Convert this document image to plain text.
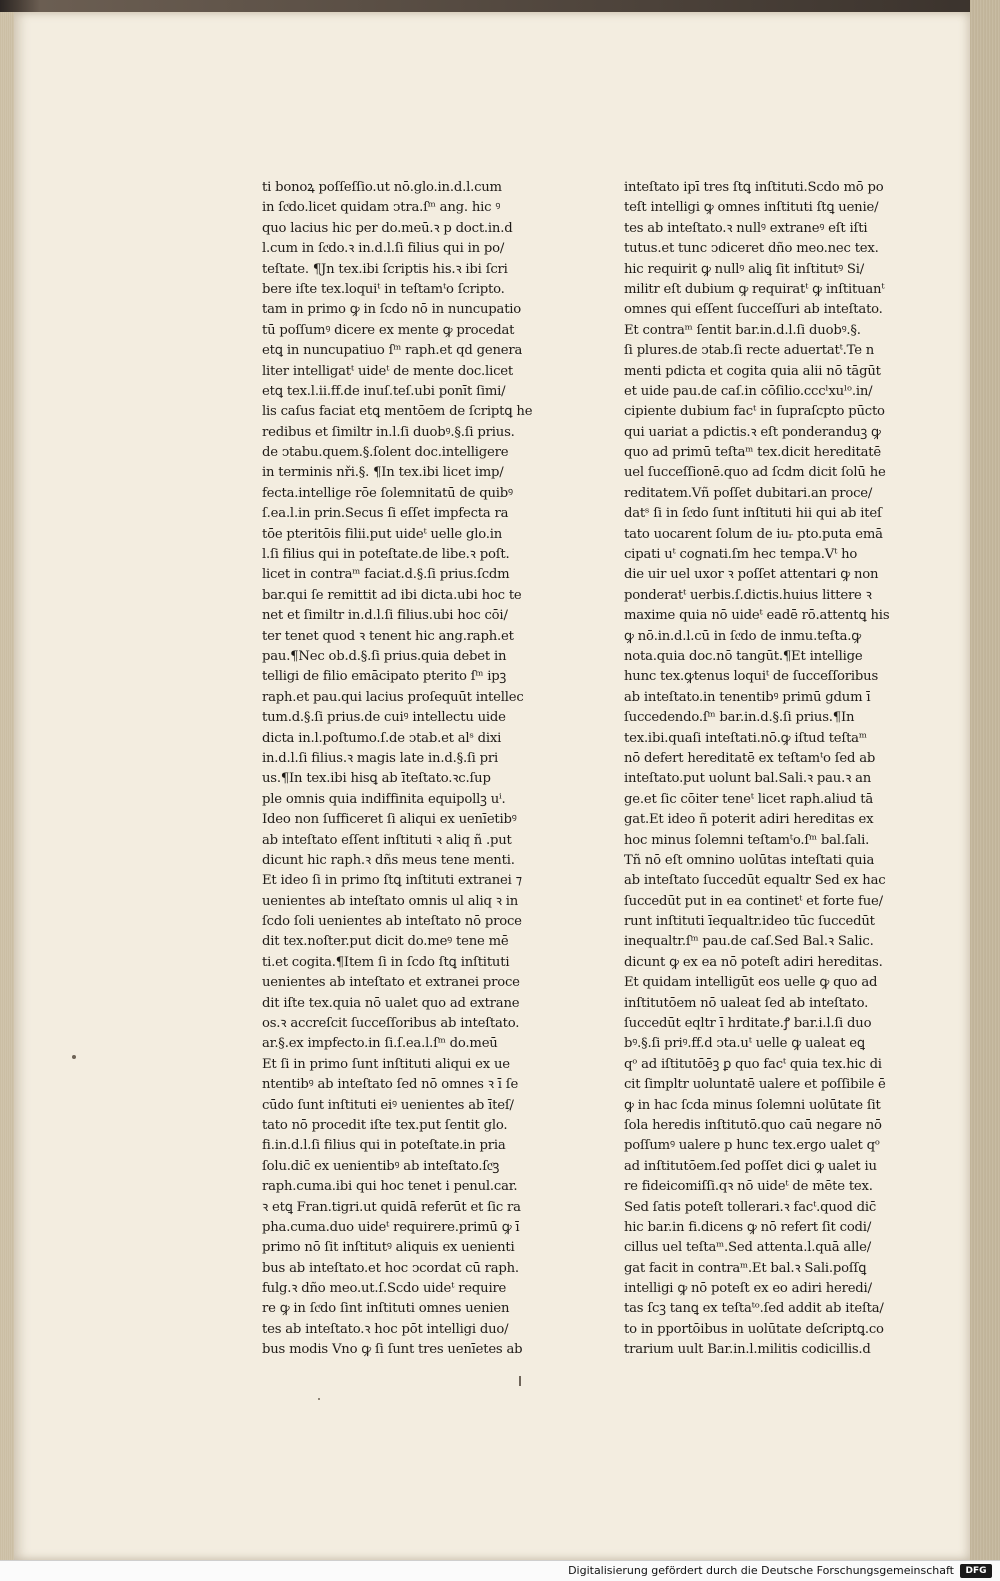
ti bonoꝝ poſſeſſio.ut nō.glo.in.d.l.cum
in ſcͦdo.licet quidam ↄtra.ſᵐ ang. hic ꝰ
quo lacius hic per do.meū.ꝛ p doct.in.d
l.cum in ſcͦdo.ꝛ in.d.l.ſi filius qui in po/
teſtate. ¶Jn tex.ibi ſcriptis his.ꝛ ibi ſcri
bere iſte tex.loquiᵗ in teſtamᵗo ſcripto.
tam in primo ꝙ in ſcdo nō in nuncupatio
tū poſſumꝰ dicere ex mente ꝙ procedat
etꝗ in nuncupatiuo ſᵐ raph.et qd genera
liter intelligatᵗ uideᵗ de mente doc.licet
etꝗ tex.l.ii.ff.de inuſ.teſ.ubi ponīt ſimi/
lis caſus faciat etꝗ mentōem de ſcriptꝗ he
redibus et ſimiltr in.l.ſi duobꝰ.§.ſi prius.
de ↄtabu.quem.§.ſolent doc.intelligere
in terminis nři.§. ¶In tex.ibi licet imp/
fecta.intellige rōe ſolemnitatū de quibꝰ
ſ.ea.l.in prin.Secus ſi eſſet impfecta ra
tōe pteritōis filii.put uideᵗ uelle glo.in
l.ſi filius qui in poteſtate.de libe.ꝛ poſt.
licet in contraᵐ faciat.d.§.ſi prius.ſcdm
bar.qui ſe remittit ad ibi dicta.ubi hoc te
net et ſimiltr in.d.l.ſi filius.ubi hoc cōi/
ter tenet quod ꝛ tenent hic ang.raph.et
pau.¶Nec ob.d.§.ſi prius.quia debet in
telligi de filio emācipato pterito ſᵐ ipꝫ
raph.et pau.qui lacius proſequūt intellec
tum.d.§.ſi prius.de cuiꝰ intellectu uide
dicta in.l.poſtumo.ſ.de ↄtab.et alˢ dixi
in.d.l.ſi filius.ꝛ magis late in.d.§.ſi pri
us.¶In tex.ibi hisꝗ ab īteſtato.ꝛc.ſup
ple omnis quia indiffinita equipollꝫ uⁱ.
Ideo non ſufficeret ſi aliqui ex uenīetibꝰ
ab inteſtato eſſent inſtituti ꝛ aliq ñ .put
dicunt hic raph.ꝛ dñs meus tene menti.
Et ideo ſi in primo ſtꝗ inſtituti extranei ⁊
uenientes ab inteſtato omnis ul aliq ꝛ in
ſcdo ſoli uenientes ab inteſtato nō proce
dit tex.noſter.put dicit do.meꝰ tene mē
ti.et cogita.¶Item ſi in ſcdo ſtꝗ inſtituti
uenientes ab inteſtato et extranei proce
dit iſte tex.quia nō ualet quo ad extrane
os.ꝛ accreſcit ſucceſſoribus ab inteſtato.
ar.§.ex impfecto.in ſi.ſ.ea.l.ſᵐ do.meū
Et ſi in primo ſunt inſtituti aliqui ex ue
ntentibꝰ ab inteſtato ſed nō omnes ꝛ ī ſe
cūdo ſunt inſtituti eiꝰ uenientes ab īteſ/
tato nō procedit iſte tex.put ſentit glo.
fi.in.d.l.ſi filius qui in poteſtate.in pria
ſolu.dic̄ ex uenientibꝰ ab inteſtato.ſcͦꝫ
raph.cuma.ibi qui hoc tenet i penul.car.
ꝛ etꝗ Fran.tigri.ut quidā referūt et ſic ra
pha.cuma.duo uideᵗ requirere.primū ꝙ ī
primo nō ſit inſtitutꝰ aliquis ex uenienti
bus ab inteſtato.et hoc ↄcordat cū raph.
fulg.ꝛ dño meo.ut.ſ.Scdo uideᵗ require
re ꝙ in ſcͦdo ſint inſtituti omnes uenien
tes ab inteſtato.ꝛ hoc pōt intelligi duo/
bus modis Vno ꝙ ſi ſunt tres uenīetes ab
inteſtato ipī tres ſtꝗ inſtituti.Scdo mō po
teſt intelligi ꝙ omnes inſtituti ſtꝗ uenie/
tes ab inteſtato.ꝛ nullꝰ extraneꝰ eſt iſti
tutus.et tunc ↄdiceret dño meo.nec tex.
hic requirit ꝙ nullꝰ aliꝗ ſit inſtitutꝰ Si/
militr eſt dubium ꝙ requiratᵗ ꝙ inſtituanᵗ
omnes qui eſſent ſucceſſuri ab inteſtato.
Et contraᵐ ſentit bar.in.d.l.ſi duobꝰ.§.
ſi plures.de ↄtab.ſi recte aduertatᵗ.Te n
menti pdicta et cogita quia alii nō tāgūt
et uide pau.de caſ.in cōſilio.cccˡxuˡᵒ.in/
cipiente dubium facᵗ in ſupraſcpto pūcto
qui uariat a pdictis.ꝛ eſt ponderanduꝫ ꝙ
quo ad primū teſtaᵐ tex.dicit hereditatē
uel ſucceſſionē.quo ad ſcdm dicit ſolū he
reditatem.Vñ poſſet dubitari.an proce/
datˢ ſi in ſcͦdo ſunt inſtituti hii qui ab iteſ
tato uocarent ſolum de iuᵣ pto.puta emā
cipati uᵗ cognati.ſm hec tempa.Vᵗ ho
die uir uel uxor ꝛ poſſet attentari ꝙ non
ponderatᵗ uerbis.ſ.dictis.huius littere ꝛ
maxime quia nō uideᵗ eadē rō.attentꝗ his
ꝙ nō.in.d.l.cū in ſcͦdo de inmu.teſta.ꝙ
nota.quia doc.nō tangūt.¶Et intellige
hunc tex.ꝙtenus loquiᵗ de ſucceſſoribus
ab inteſtato.in tenentibꝰ primū gdum ī
ſuccedendo.ſᵐ bar.in.d.§.ſi prius.¶In
tex.ibi.quaſi inteſtati.nō.ꝙ iſtud teſtaᵐ
nō defert hereditatē ex teſtamᵗo ſed ab
inteſtato.put uolunt bal.Sali.ꝛ pau.ꝛ an
ge.et ſic cōiter teneᵗ licet raph.aliud tā
gat.Et ideo ñ poterit adiri hereditas ex
hoc minus ſolemni teſtamᵗo.ſᵐ bal.ſali.
Tñ nō eſt omnino uolūtas inteſtati quia
ab inteſtato ſuccedūt equaltr Sed ex hac
ſuccedūt put in ea continetᵗ et forte fue/
runt inſtituti īequaltr.ideo tūc ſuccedūt
inequaltr.ſᵐ pau.de caſ.Sed Bal.ꝛ Salic.
dicunt ꝙ ex ea nō poteſt adiri hereditas.
Et quidam intelligūt eos uelle ꝙ quo ad
inſtitutōem nō ualeat ſed ab inteſtato.
ſuccedūt eqltr ī hrditate.ꝭ bar.i.l.ſi duo
bꝰ.§.ſi priꝰ.ff.d ↄta.uᵗ uelle ꝙ ualeat eꝗ
qᵒ ad iſtitutōēꝫ ꝑ quo facᵗ quia tex.hic di
cit ſimpltr uoluntatē ualere et poſſibile ē
ꝙ in hac ſcda minus ſolemni uolūtate ſit
ſola heredis inſtitutō.quo caū negare nō
poſſumꝰ ualere p hunc tex.ergo ualet qᵒ
ad inſtitutōem.ſed poſſet dici ꝙ ualet iu
re fideicomiſſi.qꝛ nō uideᵗ de mēte tex.
Sed ſatis poteſt tollerari.ꝛ facᵗ.quod dic̄
hic bar.in fi.dicens ꝙ nō refert ſit codi/
cillus uel teſtaᵐ.Sed attenta.l.quā alle/
gat facit in contraᵐ.Et bal.ꝛ Sali.poſſꝗ
intelligi ꝙ nō poteſt ex eo adiri heredi/
tas ſcꝫ tanꝗ ex teſtaᵗᵒ.ſed addit ab iteſta/
to in pportōibus in uolūtate deſcriptꝗ.co
trarium uult Bar.in.l.militis codicillis.d
Digitalisierung gefördert durch die Deutsche Forschungsgemeinschaft	DFG
